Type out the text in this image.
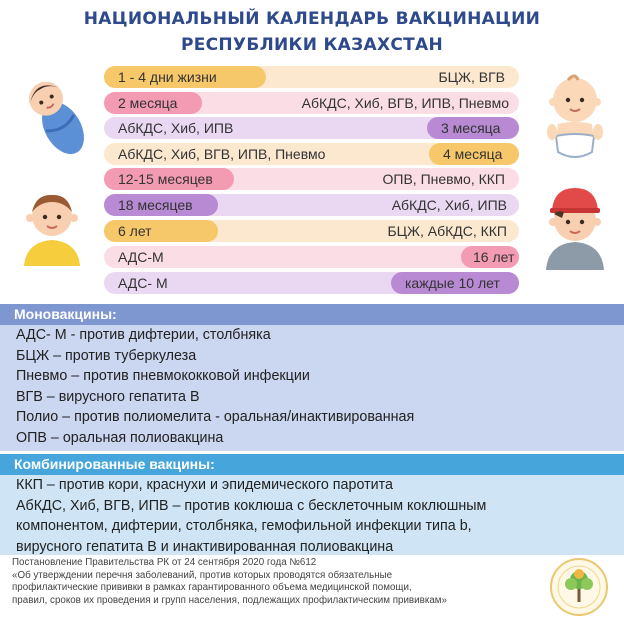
НАЦИОНАЛЬНЫЙ КАЛЕНДАРЬ ВАКЦИНАЦИИ
РЕСПУБЛИКИ КАЗАХСТАН
1 - 4 дни жизни	БЦЖ, ВГВ
2 месяца	АбКДС, Хиб, ВГВ, ИПВ, Пневмо
АбКДС, Хиб, ИПВ	3 месяца
АбКДС, Хиб, ВГВ, ИПВ, Пневмо	4 месяца
12-15 месяцев	ОПВ, Пневмо, ККП
18 месяцев	АбКДС, Хиб, ИПВ
6 лет	БЦЖ, АбКДС, ККП
АДС-М	16 лет
АДС- М	каждые 10 лет
Моновакцины:
АДС- М - против дифтерии, столбняка
БЦЖ – против туберкулеза
Пневмо – против пневмококковой инфекции
ВГВ – вирусного гепатита В
Полио – против полиомелита - оральная/инактивированная
ОПВ – оральная полиовакцина
Комбинированные вакцины:
ККП – против кори, краснухи и эпидемического паротита
АбКДС, Хиб, ВГВ, ИПВ – против коклюша с бесклеточным коклюшным
компонентом, дифтерии, столбняка, гемофильной инфекции типа b,
вирусного гепатита В и инактивированная полиовакцина
Постановление Правительства РК от 24 сентября 2020 года №612
«Об утверждении перечня заболеваний, против которых проводятся обязательные
профилактические прививки в рамках гарантированного объема медицинской помощи,
правил, сроков их проведения и групп населения, подлежащих профилактическим прививкам»
